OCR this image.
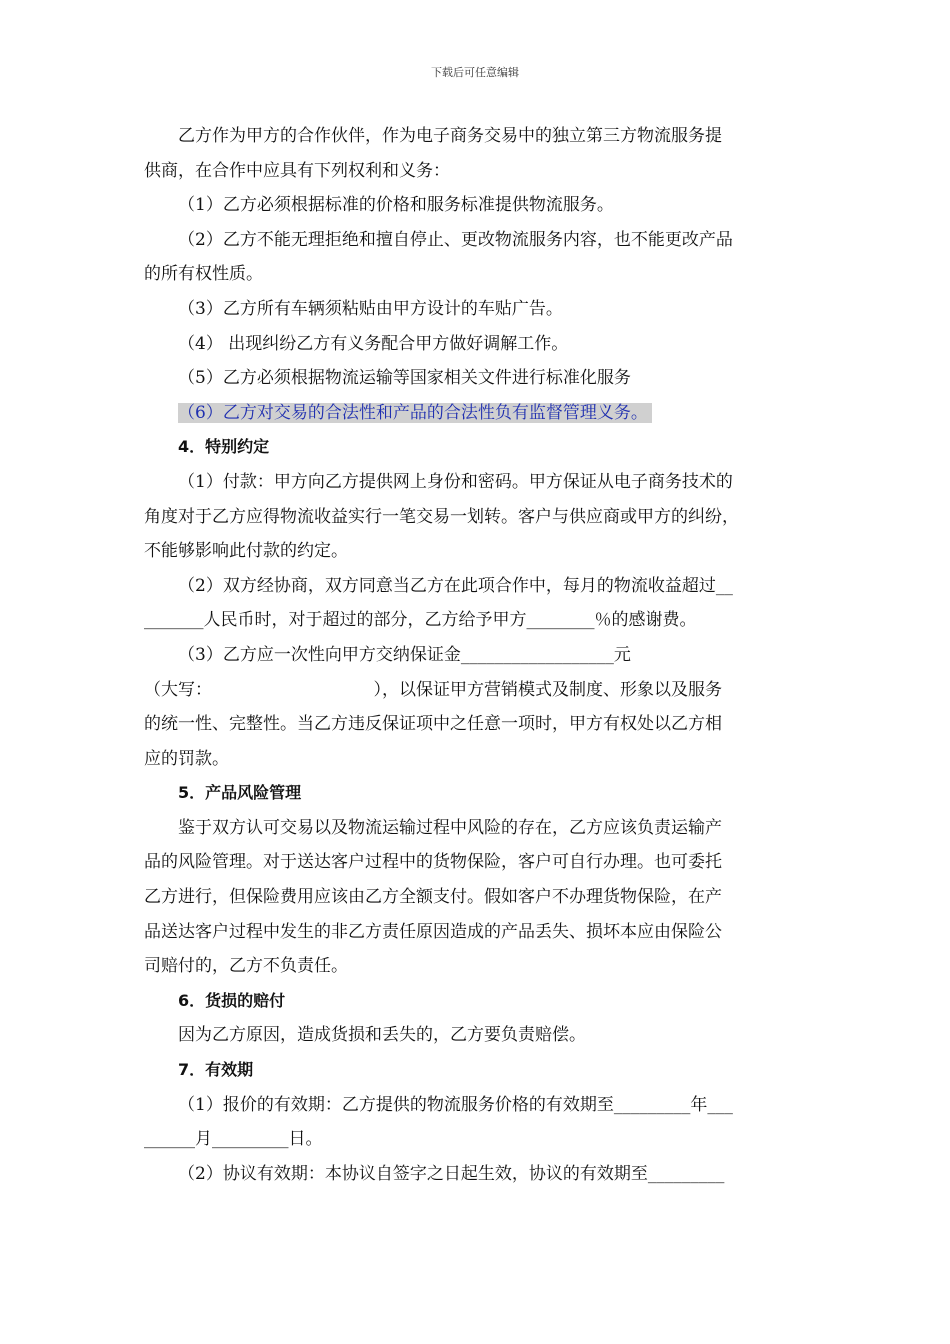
下载后可任意编辑
乙方作为甲方的合作伙伴，作为电子商务交易中的独立第三方物流服务提
供商，在合作中应具有下列权利和义务：
（1）乙方必须根据标准的价格和服务标准提供物流服务。
（2）乙方不能无理拒绝和擅自停止、更改物流服务内容，也不能更改产品
的所有权性质。
（3）乙方所有车辆须粘贴由甲方设计的车贴广告。
（4） 出现纠纷乙方有义务配合甲方做好调解工作。
（5）乙方必须根据物流运输等国家相关文件进行标准化服务
（6）乙方对交易的合法性和产品的合法性负有监督管理义务。
4．特别约定
（1）付款：甲方向乙方提供网上身份和密码。甲方保证从电子商务技术的
角度对于乙方应得物流收益实行一笔交易一划转。客户与供应商或甲方的纠纷，
不能够影响此付款的约定。
（2）双方经协商，双方同意当乙方在此项合作中，每月的物流收益超过__
_______人民币时，对于超过的部分，乙方给予甲方________％的感谢费。
（3）乙方应一次性向甲方交纳保证金__________________元
（大写：　　　　　　　　　　），以保证甲方营销模式及制度、形象以及服务
的统一性、完整性。当乙方违反保证项中之任意一项时，甲方有权处以乙方相
应的罚款。
5．产品风险管理
鉴于双方认可交易以及物流运输过程中风险的存在，乙方应该负责运输产
品的风险管理。对于送达客户过程中的货物保险，客户可自行办理。也可委托
乙方进行，但保险费用应该由乙方全额支付。假如客户不办理货物保险，在产
品送达客户过程中发生的非乙方责任原因造成的产品丢失、损坏本应由保险公
司赔付的，乙方不负责任。
6．货损的赔付
因为乙方原因，造成货损和丢失的，乙方要负责赔偿。
7．有效期
（1）报价的有效期：乙方提供的物流服务价格的有效期至_________年___
______月_________日。
（2）协议有效期：本协议自签字之日起生效，协议的有效期至_________
